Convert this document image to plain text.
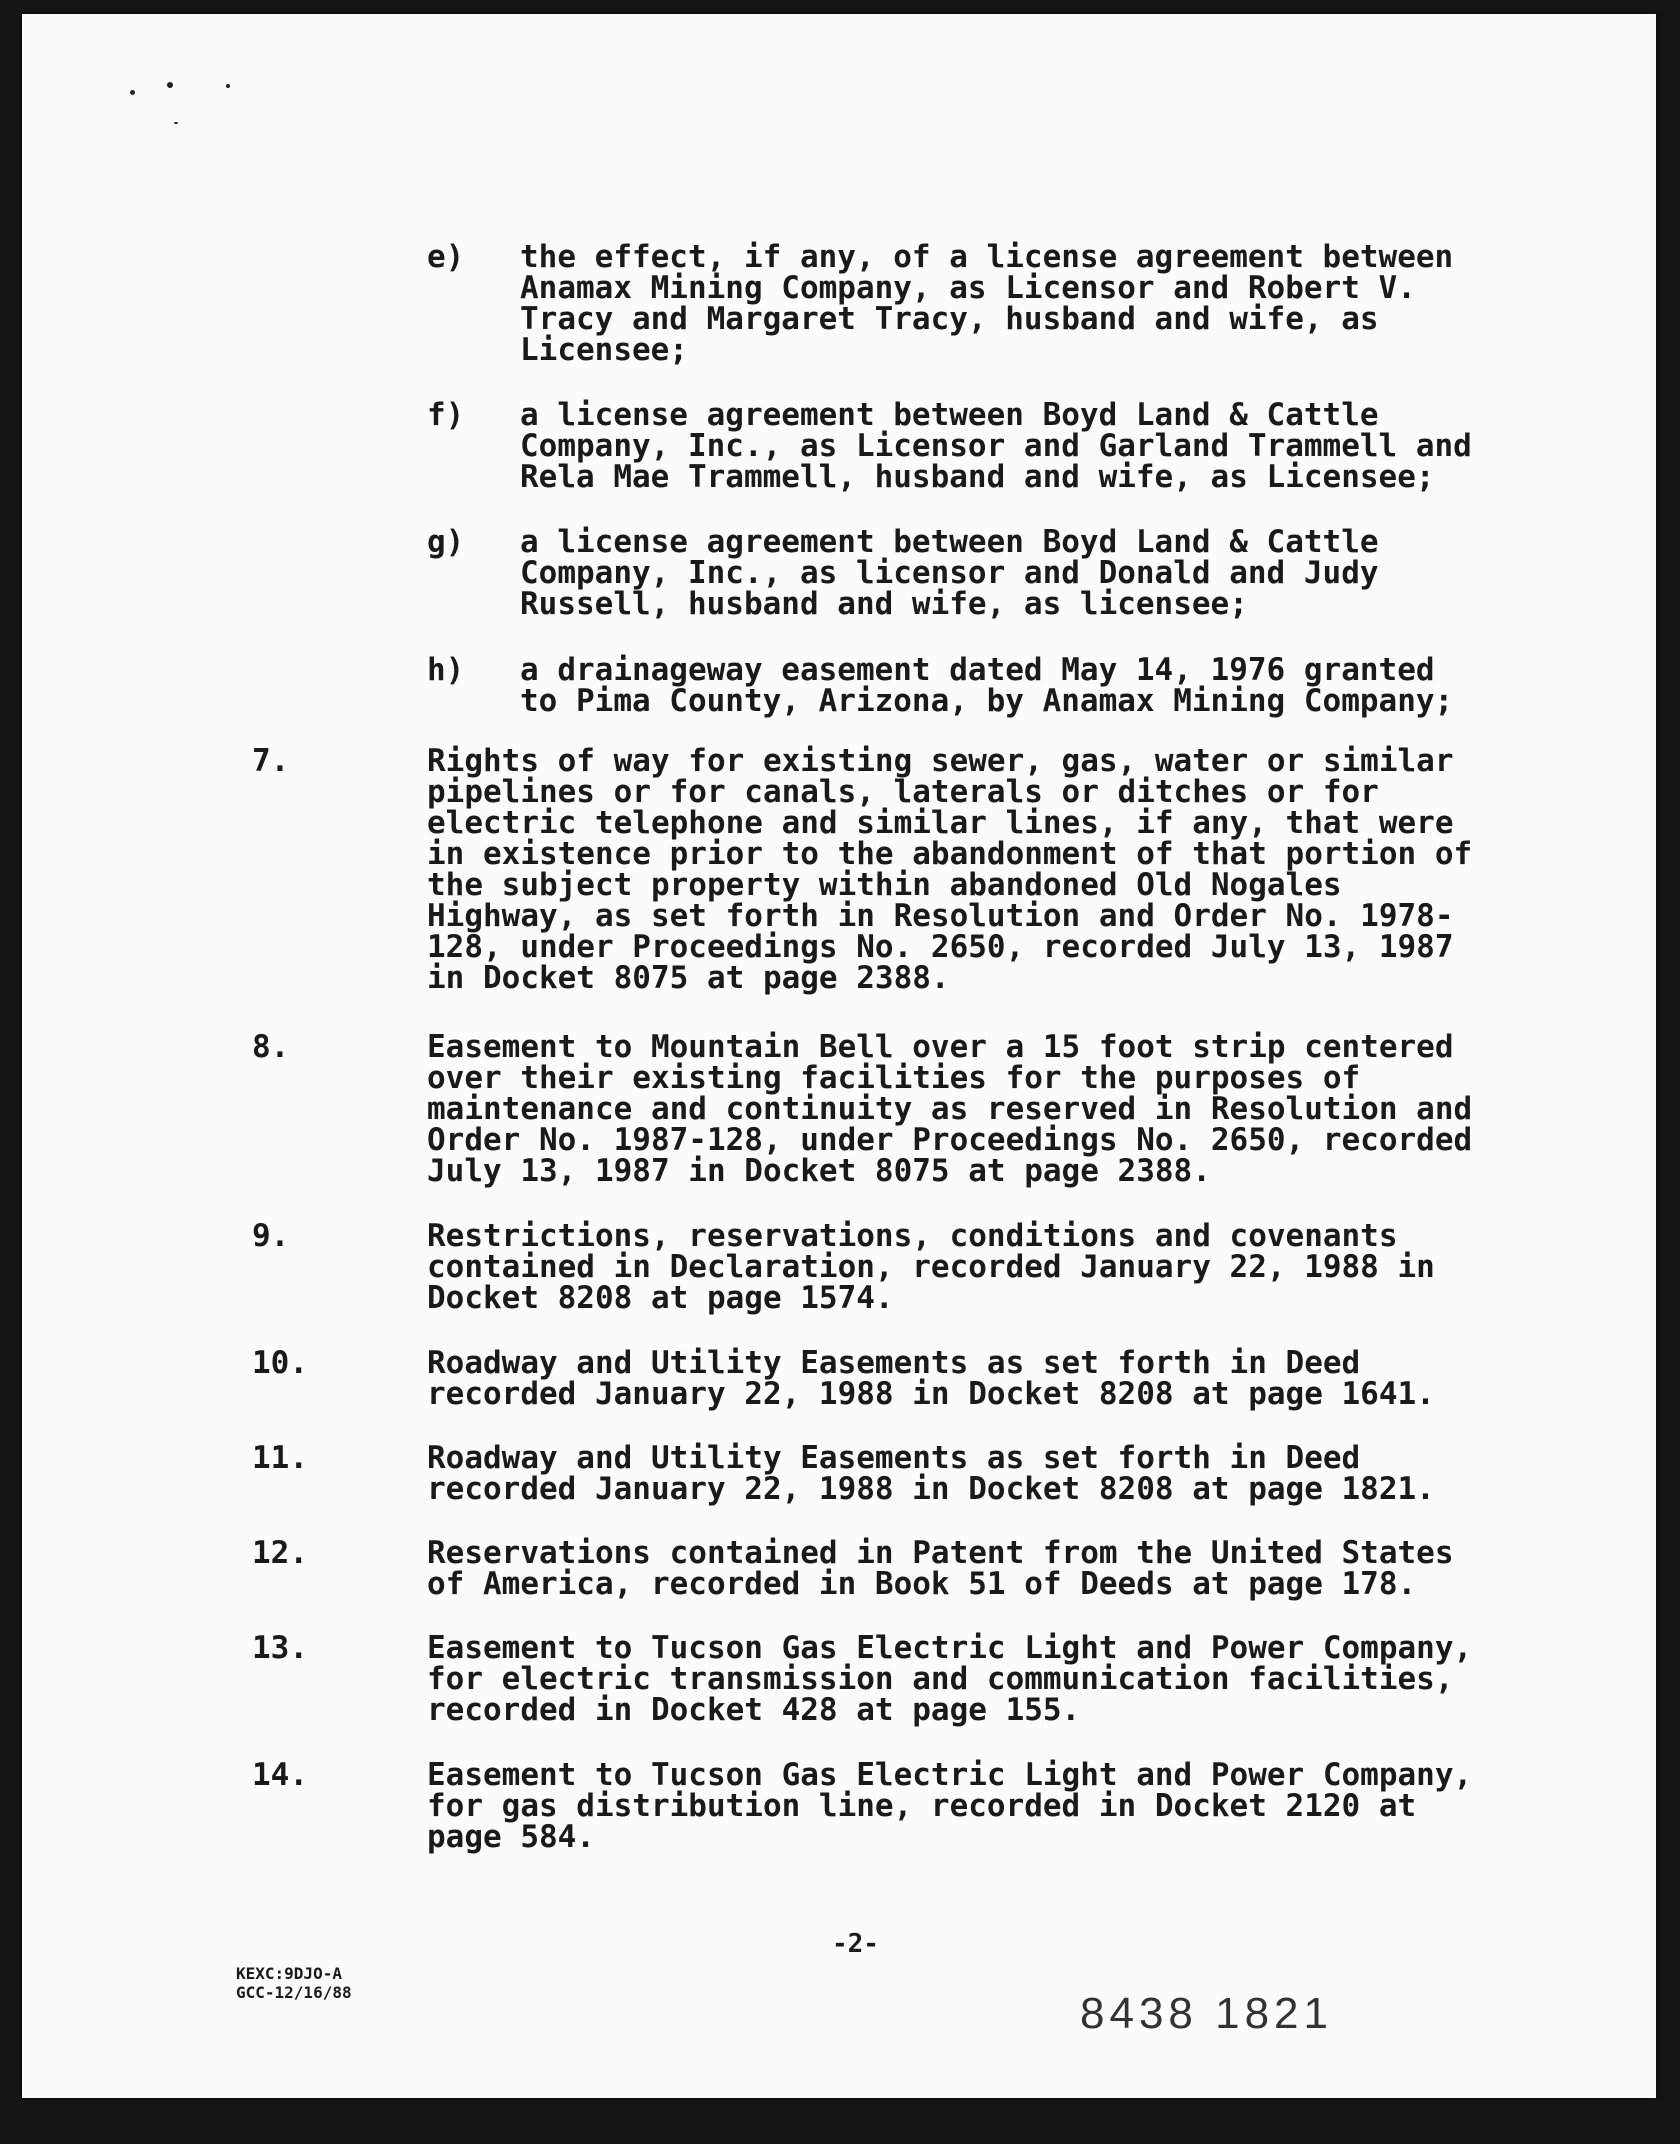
e) the effect, if any, of a license agreement between
Anamax Mining Company, as Licensor and Robert V.
Tracy and Margaret Tracy, husband and wife, as
Licensee;
f) a license agreement between Boyd Land & Cattle
Company, Inc., as Licensor and Garland Trammell and
Rela Mae Trammell, husband and wife, as Licensee;
g) a license agreement between Boyd Land & Cattle
Company, Inc., as licensor and Donald and Judy
Russell, husband and wife, as licensee;
h) a drainageway easement dated May 14, 1976 granted
to Pima County, Arizona, by Anamax Mining Company;
7.	Rights of way for existing sewer, gas, water or similar
pipelines or for canals, laterals or ditches or for
electric telephone and similar lines, if any, that were
in existence prior to the abandonment of that portion of
the subject property within abandoned Old Nogales
Highway, as set forth in Resolution and Order No. 1978-
128, under Proceedings No. 2650, recorded July 13, 1987
in Docket 8075 at page 2388.
8.	Easement to Mountain Bell over a 15 foot strip centered
over their existing facilities for the purposes of
maintenance and continuity as reserved in Resolution and
Order No. 1987-128, under Proceedings No. 2650, recorded
July 13, 1987 in Docket 8075 at page 2388.
9.	Restrictions, reservations, conditions and covenants
contained in Declaration, recorded January 22, 1988 in
Docket 8208 at page 1574.
10.	Roadway and Utility Easements as set forth in Deed
recorded January 22, 1988 in Docket 8208 at page 1641.
11.	Roadway and Utility Easements as set forth in Deed
recorded January 22, 1988 in Docket 8208 at page 1821.
12.	Reservations contained in Patent from the United States
of America, recorded in Book 51 of Deeds at page 178.
13.	Easement to Tucson Gas Electric Light and Power Company,
for electric transmission and communication facilities,
recorded in Docket 428 at page 155.
14.	Easement to Tucson Gas Electric Light and Power Company,
for gas distribution line, recorded in Docket 2120 at
page 584.
-2-
KEXC:9DJO-A
GCC-12/16/88	8438 1821
